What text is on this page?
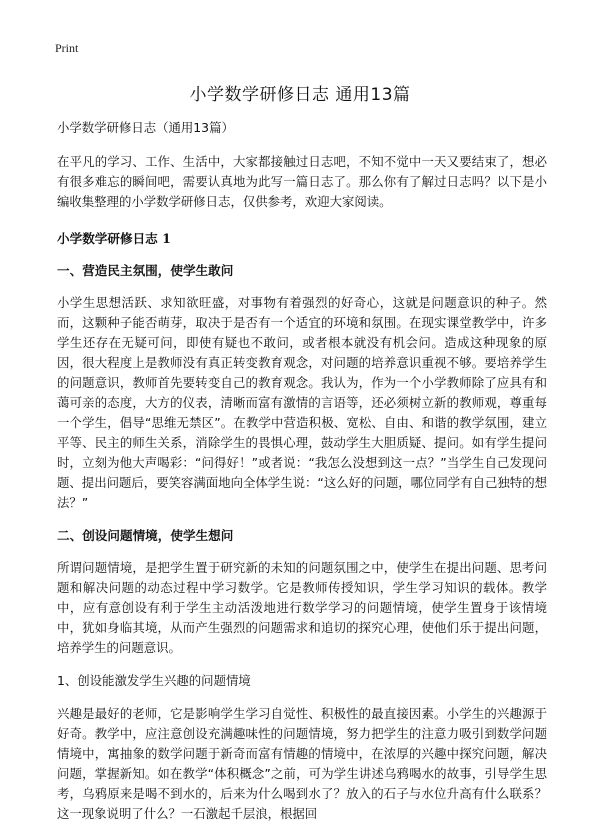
Print
小学数学研修日志 通用13篇

小学数学研修日志（通用13篇）

在平凡的学习、工作、生活中，大家都接触过日志吧，不知不觉中一天又要结束了，想必有很多难忘的瞬间吧，需要认真地为此写一篇日志了。那么你有了解过日志吗？以下是小编收集整理的小学数学研修日志，仅供参考，欢迎大家阅读。

小学数学研修日志 1

一、营造民主氛围，使学生敢问

小学生思想活跃、求知欲旺盛，对事物有着强烈的好奇心，这就是问题意识的种子。然而，这颗种子能否萌芽，取决于是否有一个适宜的环境和氛围。在现实课堂教学中，许多学生还存在无疑可问，即使有疑也不敢问，或者根本就没有机会问。造成这种现象的原因，很大程度上是教师没有真正转变教育观念，对问题的培养意识重视不够。要培养学生的问题意识，教师首先要转变自己的教育观念。我认为，作为一个小学教师除了应具有和蔼可亲的态度，大方的仪表，清晰而富有激情的言语等，还必须树立新的教师观，尊重每一个学生，倡导“思维无禁区”。在教学中营造积极、宽松、自由、和谐的教学氛围，建立平等、民主的师生关系，消除学生的畏惧心理，鼓动学生大胆质疑、提问。如有学生提问时，立刻为他大声喝彩：“问得好！”或者说：“我怎么没想到这一点？”当学生自己发现问题、提出问题后，要笑容满面地向全体学生说：“这么好的问题，哪位同学有自己独特的想法？”

二、创设问题情境，使学生想问

所谓问题情境，是把学生置于研究新的未知的问题氛围之中，使学生在提出问题、思考问题和解决问题的动态过程中学习数学。它是教师传授知识，学生学习知识的载体。教学中，应有意创设有利于学生主动活泼地进行数学学习的问题情境，使学生置身于该情境中，犹如身临其境，从而产生强烈的问题需求和追切的探究心理，使他们乐于提出问题，培养学生的问题意识。

1、创设能激发学生兴趣的问题情境

兴趣是最好的老师，它是影响学生学习自觉性、积极性的最直接因素。小学生的兴趣源于好奇。教学中，应注意创设充满趣味性的问题情境，努力把学生的注意力吸引到数学问题情境中，寓抽象的数学问题于新奇而富有情趣的情境中，在浓厚的兴趣中探究问题，解决问题，掌握新知。如在教学“体积概念”之前，可为学生讲述乌鸦喝水的故事，引导学生思考，乌鸦原来是喝不到水的，后来为什么喝到水了？放入的石子与水位升高有什么联系？这一现象说明了什么？一石激起千层浪，根据回
